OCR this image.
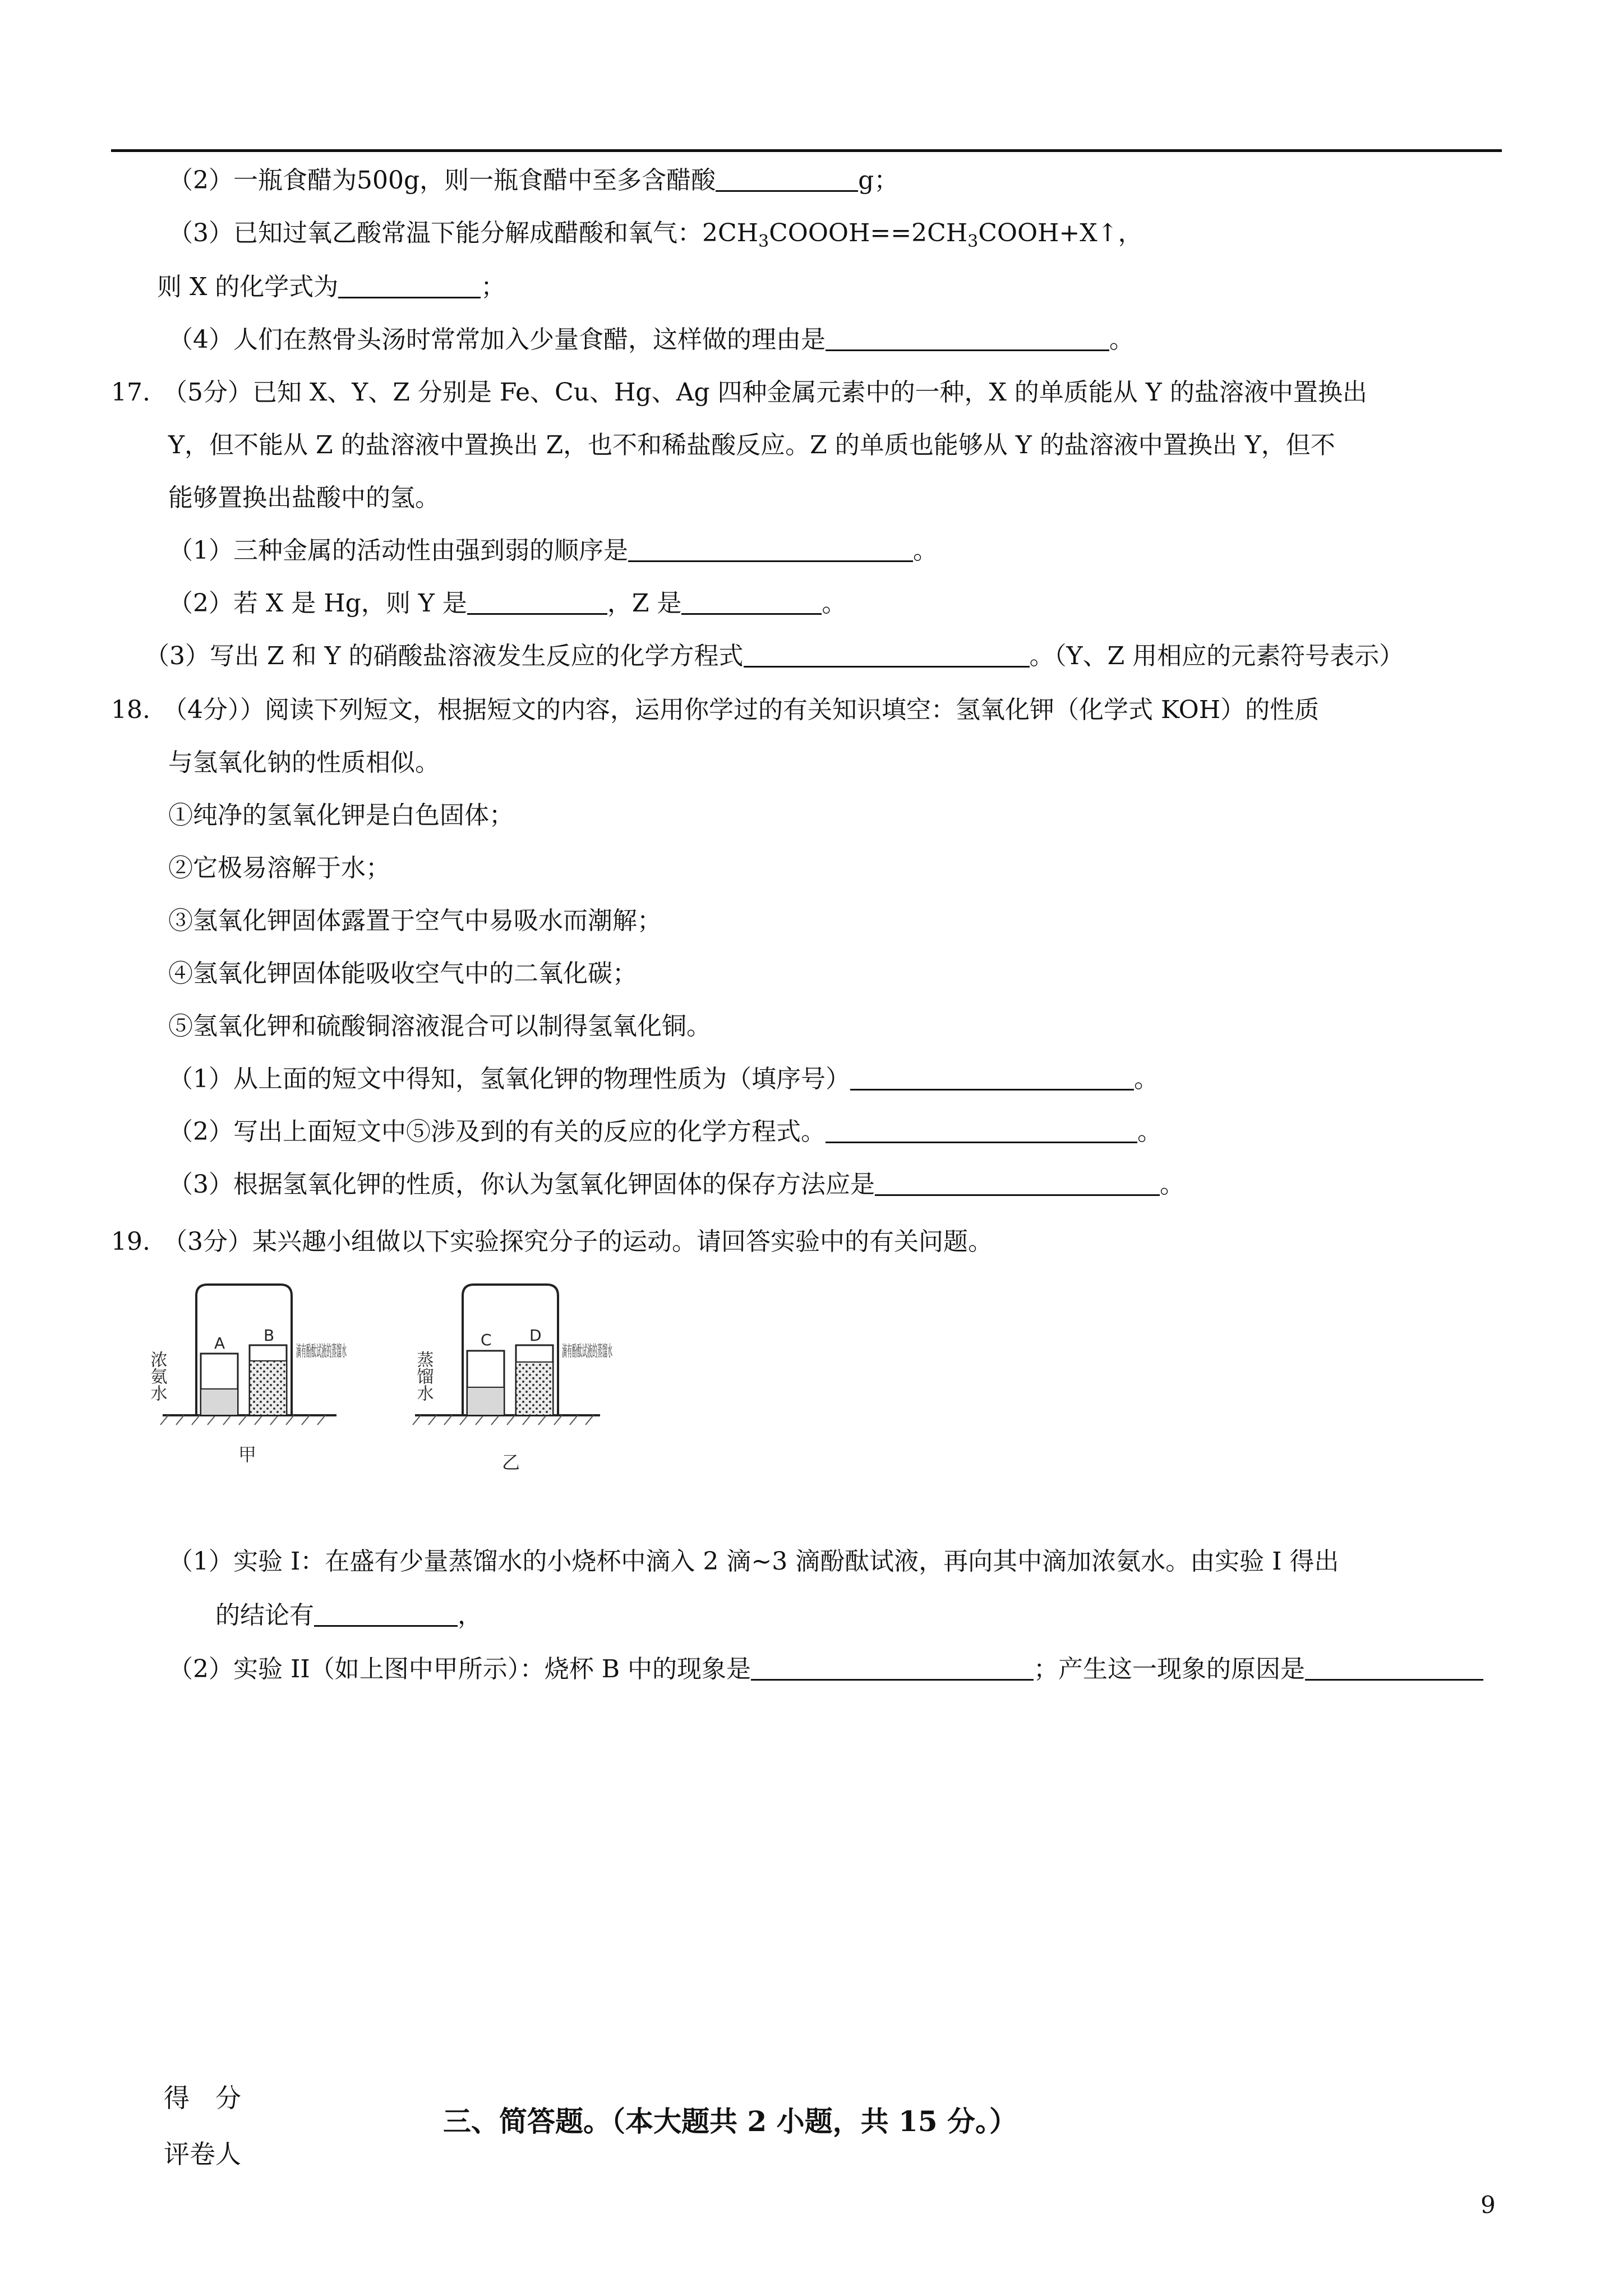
（2）一瓶食醋为500g，则一瓶食醋中至多含醋酸	g；
（3）已知过氧乙酸常温下能分解成醋酸和氧气：$2CH_3COOOH==2CH_3COOH+X↑$，
则 X 的化学式为	；
（4）人们在熬骨头汤时常常加入少量食醋，这样做的理由是	。
17.　（5分）已知 X、Y、Z 分别是 Fe、Cu、Hg、Ag 四种金属元素中的一种，X 的单质能从 Y 的盐溶液中置换出
Y，但不能从 Z 的盐溶液中置换出 Z，也不和稀盐酸反应。Z 的单质也能够从 Y 的盐溶液中置换出 Y，但不
能够置换出盐酸中的氢。
（1）三种金属的活动性由强到弱的顺序是	。
（2）若 X 是 Hg，则 Y 是	，Z 是	。
（3）写出 Z 和 Y 的硝酸盐溶液发生反应的化学方程式	。（Y、Z 用相应的元素符号表示）
18.　（4分））阅读下列短文，根据短文的内容，运用你学过的有关知识填空：氢氧化钾（化学式 KOH）的性质
与氢氧化钠的性质相似。
①纯净的氢氧化钾是白色固体；
②它极易溶解于水；
③氢氧化钾固体露置于空气中易吸水而潮解；
④氢氧化钾固体能吸收空气中的二氧化碳；
⑤氢氧化钾和硫酸铜溶液混合可以制得氢氧化铜。
（1）从上面的短文中得知，氢氧化钾的物理性质为（填序号）	。
（2）写出上面短文中⑤涉及到的有关的反应的化学方程式。	。
（3）根据氢氧化钾的性质，你认为氢氧化钾固体的保存方法应是	。
19.　（3分）某兴趣小组做以下实验探究分子的运动。请回答实验中的有关问题。
A B
浓氨水	滴有酚酞试液的蒸馏水
甲
C D
蒸馏水	滴有酚酞试液的蒸馏水
乙
（1）实验 I：在盛有少量蒸馏水的小烧杯中滴入 2 滴~3 滴酚酞试液，再向其中滴加浓氨水。由实验 I 得出
的结论有	，
（2）实验 II（如上图中甲所示）：烧杯 B 中的现象是	；产生这一现象的原因是
得　分
评卷人
三、简答题。（本大题共 2 小题，共 15 分。）
9
